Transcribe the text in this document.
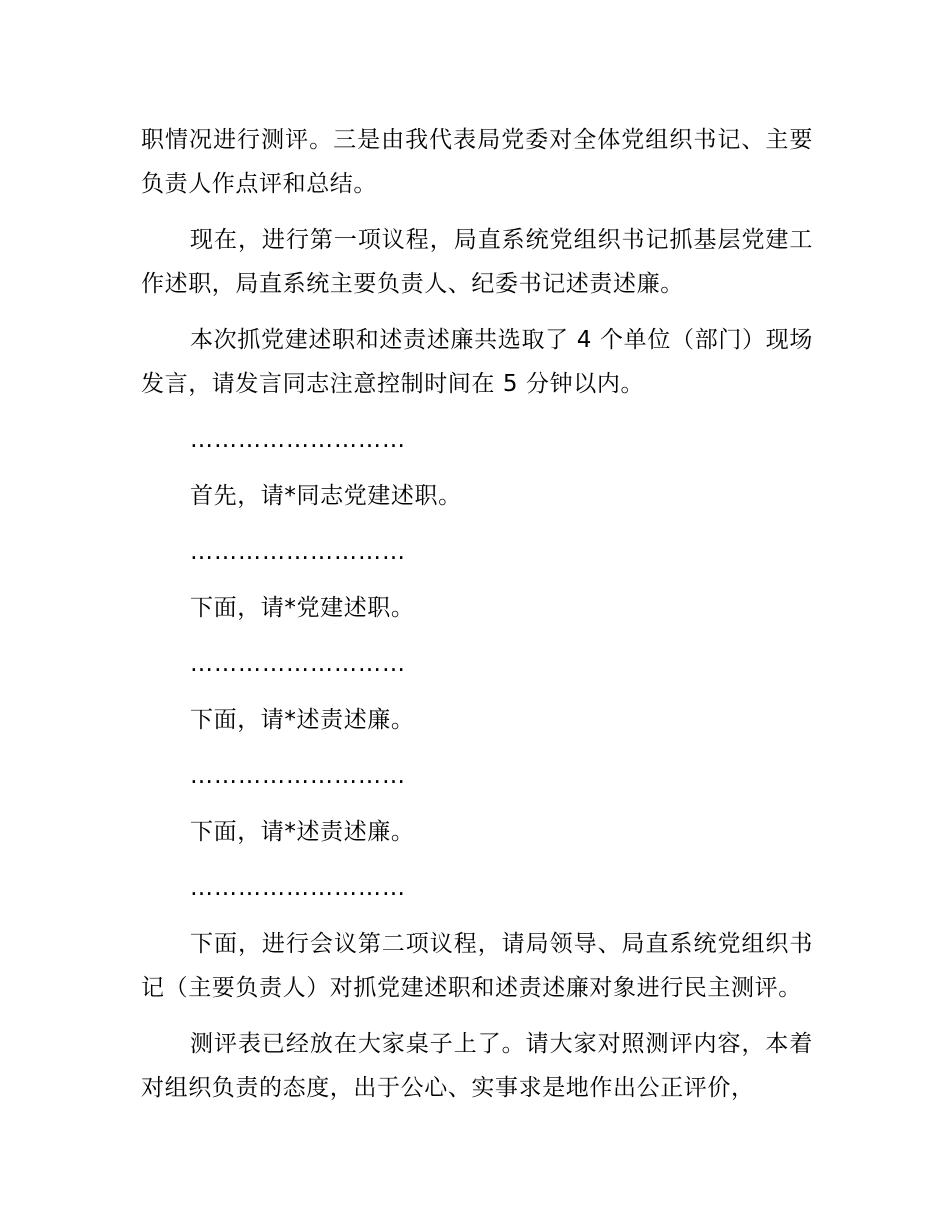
职情况进行测评。三是由我代表局党委对全体党组织书记、主要负责人作点评和总结。

现在，进行第一项议程，局直系统党组织书记抓基层党建工作述职，局直系统主要负责人、纪委书记述责述廉。

本次抓党建述职和述责述廉共选取了 4 个单位（部门）现场发言，请发言同志注意控制时间在 5 分钟以内。

………………………

首先，请*同志党建述职。

………………………

下面，请*党建述职。

………………………

下面，请*述责述廉。

………………………

下面，请*述责述廉。

………………………

下面，进行会议第二项议程，请局领导、局直系统党组织书记（主要负责人）对抓党建述职和述责述廉对象进行民主测评。

测评表已经放在大家桌子上了。请大家对照测评内容，本着对组织负责的态度，出于公心、实事求是地作出公正评价，
